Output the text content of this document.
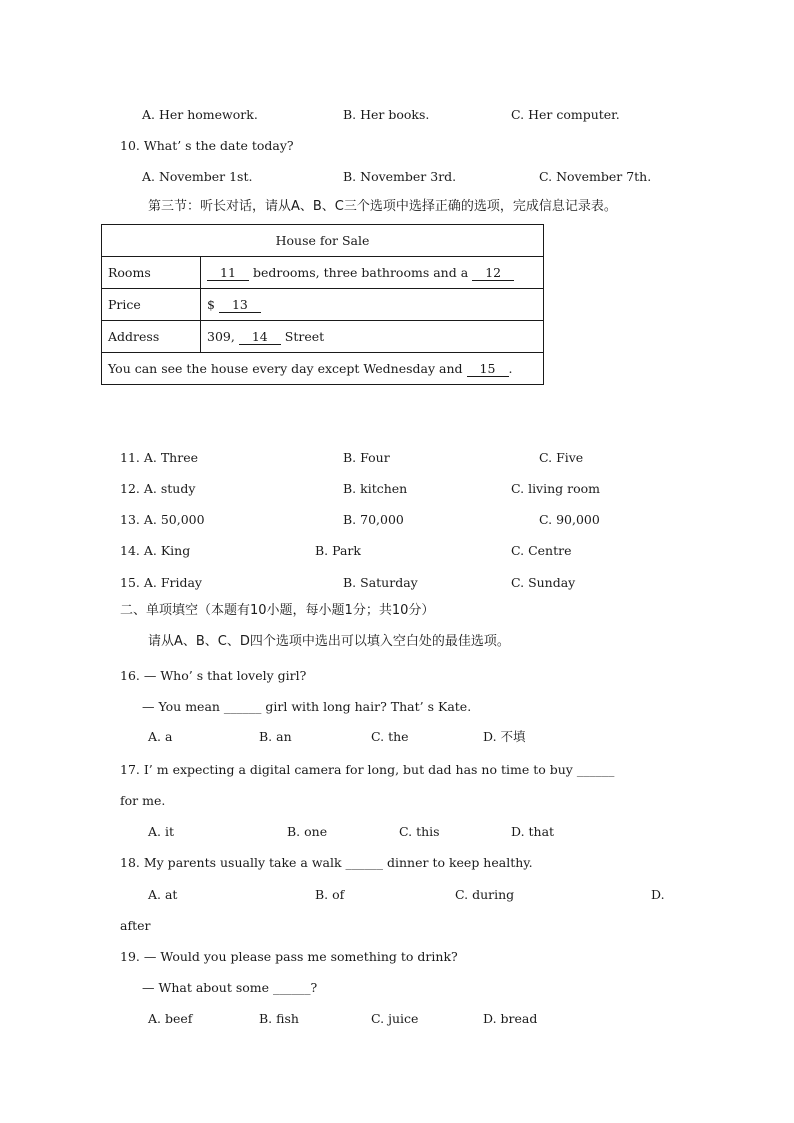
A. Her homework.	B. Her books.	C. Her computer.
10. What’ s the date today?
A. November 1st.	B. November 3rd.	C. November 7th.
第三节：听长对话，请从A、B、C三个选项中选择正确的选项，完成信息记录表。
House for Sale	
Rooms	11 bedrooms, three bathrooms and a 12
Price	$ 13
Address	309, 14 Street
You can see the house every day except Wednesday and 15 .	
11. A. Three	B. Four	C. Five
12. A. study	B. kitchen	C. living room
13. A. 50,000	B. 70,000	C. 90,000
14. A. King	B. Park	C. Centre
15. A. Friday	B. Saturday	C. Sunday
二、单项填空（本题有10小题，每小题1分；共10分）
请从A、B、C、D四个选项中选出可以填入空白处的最佳选项。
16. — Who’ s that lovely girl?
— You mean ______ girl with long hair? That’ s Kate.
A. a	B. an	C. the	D. 不填
17. I’ m expecting a digital camera for long, but dad has no time to buy ______
for me.
A. it	B. one	C. this	D. that
18. My parents usually take a walk ______ dinner to keep healthy.
A. at	B. of	C. during	D.
after
19. — Would you please pass me something to drink?
— What about some ______?
A. beef	B. fish	C. juice	D. bread
